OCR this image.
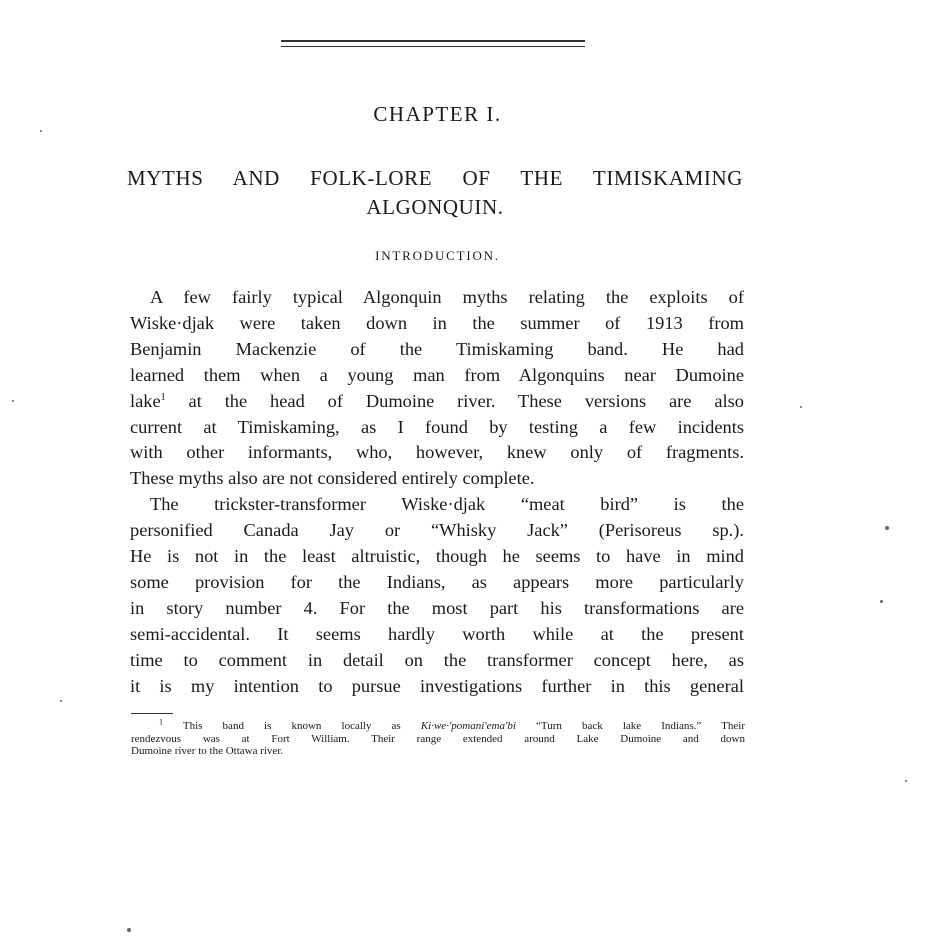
CHAPTER I.
MYTHS AND FOLK-LORE OF THE TIMISKAMING
ALGONQUIN.
INTRODUCTION.
A few fairly typical Algonquin myths relating the exploits of
Wiske·djak were taken down in the summer of 1913 from
Benjamin Mackenzie of the Timiskaming band. He had
learned them when a young man from Algonquins near Dumoine
lake$^1$ at the head of Dumoine river. These versions are also
current at Timiskaming, as I found by testing a few incidents
with other informants, who, however, knew only of fragments.
These myths also are not considered entirely complete.
The trickster-transformer Wiske·djak “meat bird” is the
personified Canada Jay or “Whisky Jack” (Perisoreus sp.).
He is not in the least altruistic, though he seems to have in mind
some provision for the Indians, as appears more particularly
in story number 4. For the most part his transformations are
semi-accidental. It seems hardly worth while at the present
time to comment in detail on the transformer concept here, as
it is my intention to pursue investigations further in this general
$^1$ This band is known locally as Ki·we·'pomani'ema'bi “Turn back lake Indians.” Their
rendezvous was at Fort William. Their range extended around Lake Dumoine and down
Dumoine river to the Ottawa river.
